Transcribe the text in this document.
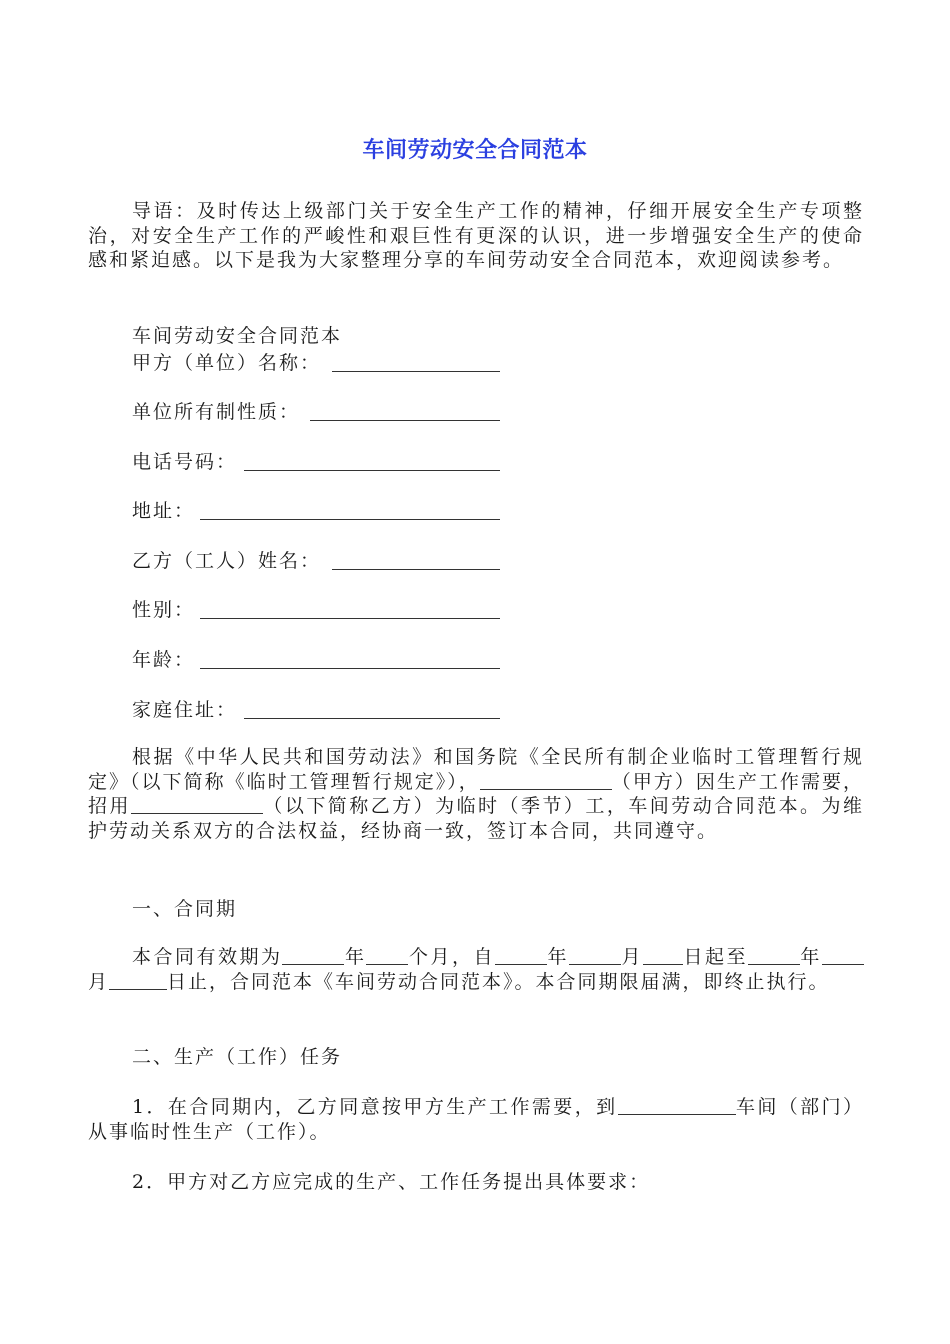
车间劳动安全合同范本

导语：及时传达上级部门关于安全生产工作的精神，仔细开展安全生产专项整治，对安全生产工作的严峻性和艰巨性有更深的认识，进一步增强安全生产的使命感和紧迫感。以下是我为大家整理分享的车间劳动安全合同范本，欢迎阅读参考。

车间劳动安全合同范本

甲方（单位）名称：
单位所有制性质：
电话号码：
地址：
乙方（工人）姓名：
性别：
年龄：
家庭住址：

根据《中华人民共和国劳动法》和国务院《全民所有制企业临时工管理暂行规定》（以下简称《临时工管理暂行规定》），	（甲方）因生产工作需要，招用	（以下简称乙方）为临时（季节）工，车间劳动合同范本。为维护劳动关系双方的合法权益，经协商一致，签订本合同，共同遵守。

一、合同期

本合同有效期为	年 个月，自	年	月 日起至	年月	日止，合同范本《车间劳动合同范本》。本合同期限届满，即终止执行。

二、生产（工作）任务

1．在合同期内，乙方同意按甲方生产工作需要，到	车间（部门）从事临时性生产（工作）。

2．甲方对乙方应完成的生产、工作任务提出具体要求：
